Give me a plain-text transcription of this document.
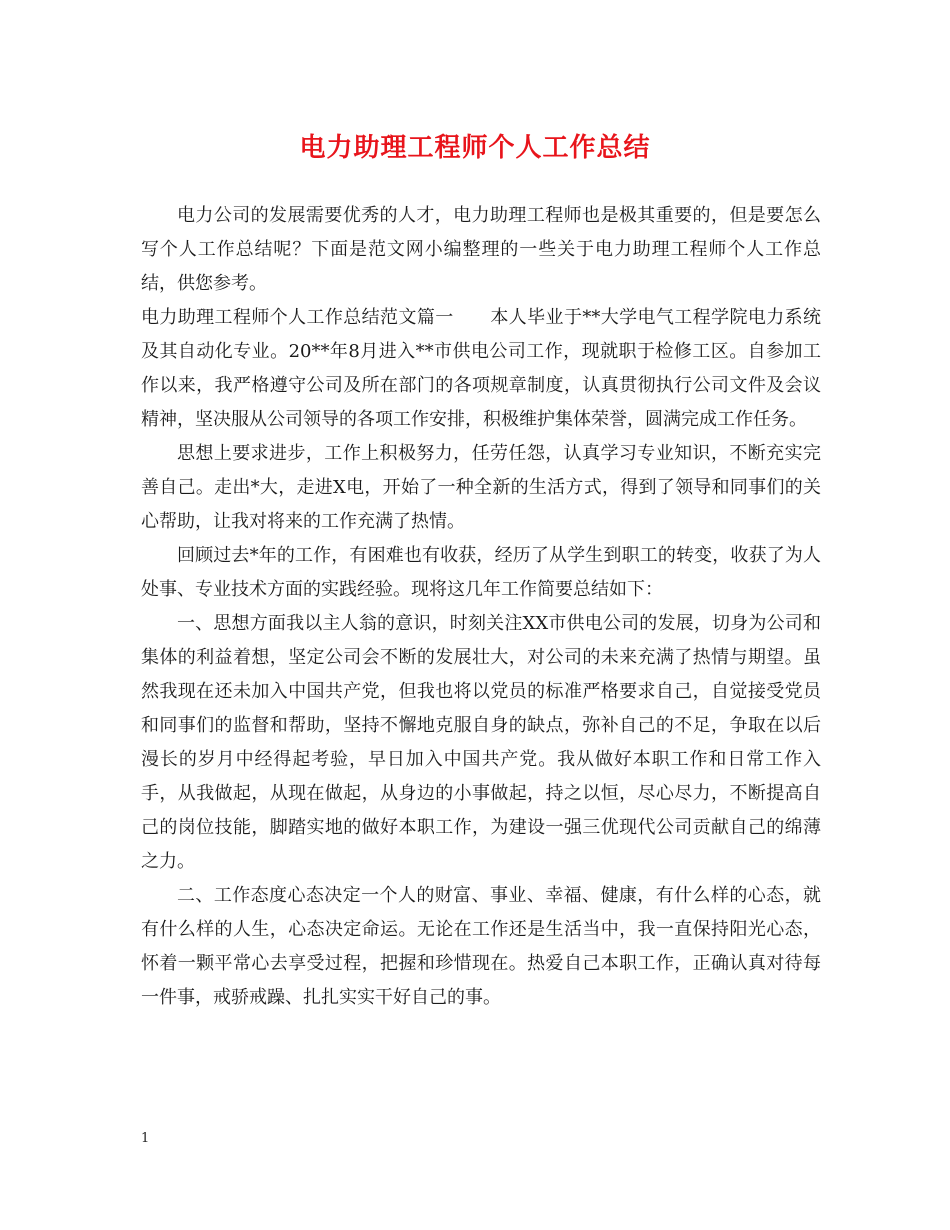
电力助理工程师个人工作总结

电力公司的发展需要优秀的人才，电力助理工程师也是极其重要的，但是要怎么写个人工作总结呢？下面是范文网小编整理的一些关于电力助理工程师个人工作总结，供您参考。

电力助理工程师个人工作总结范文篇一　　本人毕业于**大学电气工程学院电力系统及其自动化专业。20**年8月进入**市供电公司工作，现就职于检修工区。自参加工作以来，我严格遵守公司及所在部门的各项规章制度，认真贯彻执行公司文件及会议精神，坚决服从公司领导的各项工作安排，积极维护集体荣誉，圆满完成工作任务。

思想上要求进步，工作上积极努力，任劳任怨，认真学习专业知识，不断充实完善自己。走出*大，走进X电，开始了一种全新的生活方式，得到了领导和同事们的关心帮助，让我对将来的工作充满了热情。

回顾过去*年的工作，有困难也有收获，经历了从学生到职工的转变，收获了为人处事、专业技术方面的实践经验。现将这几年工作简要总结如下：

一、思想方面我以主人翁的意识，时刻关注XX市供电公司的发展，切身为公司和集体的利益着想，坚定公司会不断的发展壮大，对公司的未来充满了热情与期望。虽然我现在还未加入中国共产党，但我也将以党员的标准严格要求自己，自觉接受党员和同事们的监督和帮助，坚持不懈地克服自身的缺点，弥补自己的不足，争取在以后漫长的岁月中经得起考验，早日加入中国共产党。我从做好本职工作和日常工作入手，从我做起，从现在做起，从身边的小事做起，持之以恒，尽心尽力，不断提高自己的岗位技能，脚踏实地的做好本职工作，为建设一强三优现代公司贡献自己的绵薄之力。

二、工作态度心态决定一个人的财富、事业、幸福、健康，有什么样的心态，就有什么样的人生，心态决定命运。无论在工作还是生活当中，我一直保持阳光心态，怀着一颗平常心去享受过程，把握和珍惜现在。热爱自己本职工作，正确认真对待每一件事，戒骄戒躁、扎扎实实干好自己的事。

1
